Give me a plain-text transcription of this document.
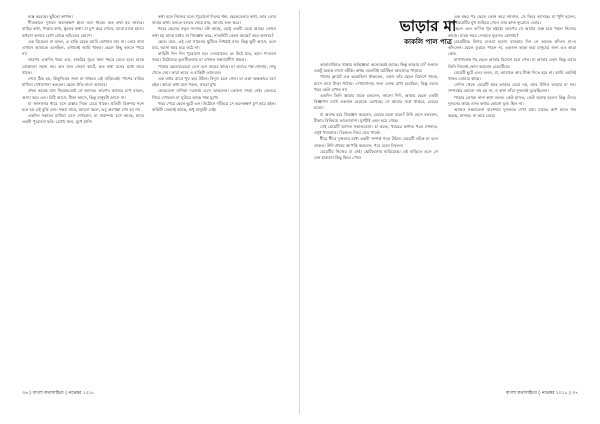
ব্যস্ত করেছে। ছুটকো কাগজ।

শীতকালে দুজনে অনেকক্ষণ ছাদে বসে থাকে। কত কথা হয় তাদের। বাড়ির কথা, পাড়ার কথা, স্কুলের কথা। মা চুপ করে শোনে, মাঝে মাঝে হাসে। কখনো আবার চোখ মোছে আঁচলের কোণে।

এক বিকেলে মা বলল, এ বাড়ি ছেড়ে আমি কোথাও যাব না। তোর বাবা এখানে আমাকে এনেছিল, এখানেই আমি থাকব। ছেলে কিছু বলতে পারে না।

তারপর একদিন খবর এল, চাকরির সূত্রে অন্য শহরে যেতে হবে। মাকে বোঝানো সহজ নয়। কত রাত জেগে কাটে, কত কথা মনের মধ্যে জমে থাকে।

শেষে ঠিক হয়, কিছুদিনের জন্য মা থাকবে এই বাড়িতেই। পাশের বাড়ির মাসিমা দেখাশোনা করবেন। ছেলে প্রতি মাসে আসবে।

প্রথম কয়েক মাস নিয়মমতোই সে আসত। তারপর কাজের চাপ বাড়ল, আসা কমে এল। চিঠি আসে, টাকা আসে, কিন্তু মানুষটা আসে না।

মা জানালার ধারে বসে রাস্তার দিকে চেয়ে থাকে। প্রতিটা রিকশার শব্দে মনে হয় এই বুঝি এল। সন্ধ্যা নামে, আলো জ্বলে, তবু অপেক্ষা শেষ হয় না।

একদিন সকালে মাসিমা এসে দেখলেন, মা বারান্দায় বসে আছে, হাতে একটা পুরোনো ছবি। চোখে জল, মুখে হাসি।

কথা বলে নিজের মনে। পুরোনো দিনের গল্প, ছেলেবেলার কথা, আর তোর বাবার কথা। বলতে বলতে থেমে যায়, আবার শুরু করে।

শহরে ছেলের নতুন সংসার। বউ আছে, ছোট্ট একটা মেয়ে আছে। ফোনে কথা হয় মাঝে মধ্যে। মা জিজ্ঞেস করে, নাতনিটা কেমন আছে? কবে আসবে?

ছেলে বলে, এই তো সামনের ছুটিতে নিশ্চয়ই যাব। কিন্তু ছুটি আসে, চলে যায়, আসা আর হয়ে ওঠে না।

বাড়িটা দিন দিন পুরোনো হয়। দেওয়ালের রং উঠে যায়, ছাদে শ্যাওলা জমে। উঠোনের তুলসীতলায় মা এখনও সন্ধ্যাপ্রদীপ জ্বালে।

পাড়ার ছেলেমেয়েরা এসে বসে মায়ের কাছে। মা তাদের গল্প শোনায়, নাড়ু খেতে দেয়। তারা ভাবে এ বাড়িটা তাদেরও।

এক বর্ষার রাতে খুব ঝড় উঠল। বিদ্যুৎ চলে গেল। মা একা অন্ধকারে বসে রইল। কারো কথা মনে পড়ল, কারো মুখ।

ভোরবেলা মাসিমা দরজায় এসে ডাকলেন। কোনো সাড়া নেই। ভেতরে গিয়ে দেখলেন মা ঘুমিয়ে আছে শান্ত মুখে।

খবর পেয়ে ছেলে ছুটে এল। উঠোনে দাঁড়িয়ে সে অনেকক্ষণ চুপ করে রইল। বাড়িটা তেমনই আছে, শুধু মানুষটা নেই।

৩৬ ◊ বাংলা কথাসাহিত্য ◊ নভেম্বর ২০১৮
ভাড়ার মা
কাকলি পাল পাত্র

ভাড়াবাড়িতে থাকার অভিজ্ঞতা অনেকেরই আছে। কিন্তু ভাড়ার মা? শুনলে একটু অবাক লাগে বটকি। অথচ এমনটাই ঘটেছিল আমাদের পাড়ায়।

পাশের ফ্ল্যাটে এক ভদ্রমহিলা থাকতেন, একা। তাঁর ছেলে বিদেশে থাকে, মাসে মাসে টাকা পাঠায়। দেখাশোনার জন্য লোক রাখা হয়েছিল, কিন্তু মনের খবর কেউ রাখত না।

একদিন তিনি আমার মাকে বললেন, জানো দিদি, আমার ছেলে একটা বিজ্ঞাপন দেখে একজন মেয়েকে রেখেছে। সে আমার সঙ্গে থাকবে, মেয়ের মতো।

মা অবাক হয়ে জিজ্ঞেস করলেন, মেয়ের মতো মানে? উনি হেসে বললেন, টাকার বিনিময়ে ভালোবাসা। যুগটাই এমন হয়ে গেছে।

সেই মেয়েটি আসত সকালবেলা। চা করত, খবরের কাগজ পড়ে শোনাত, ওষুধ খাওয়াত। বিকেলে নিয়ে যেত পার্কে।

ধীরে ধীরে দুজনের মধ্যে একটা সম্পর্ক গড়ে উঠল। মেয়েটি তাঁকে মা বলে ডাকত। উনি প্রথমে আপত্তি করলেন, পরে মেনে নিলেন।

মেয়েটির নিজের মা নেই। ছোটবেলায় হারিয়েছে। এই বাড়িতে এসে সে যেন হারানো কিছু ফিরে পেল।

এক বছর পর ছেলে ফোন করে জানাল, সে ফিরে আসছে। মা খুশি হলেন, কিন্তু মেয়েটির মুখ শুকিয়ে গেল। তার কাজ ফুরোবে এবার।

ছেলে এল। ক'দিন খুব হইচই। তারপর সে আবার ব্যস্ত হয়ে পড়ল নিজের কাজে। মাকে সময় দেওয়ার ফুরসত কোথায়?

মেয়েটিকে বিদায় দেওয়া হলো। যাওয়ার দিন সে অনেক কাঁদল। মা-ও কাঁদলেন। ছেলে বুঝতে পারল না, একজন ভাড়া করা মানুষের জন্য এত কান্না কেন।

মাসখানেক পর ছেলে আবার বিদেশে চলে গেল। মা আবার একা। কিন্তু এবার তিনি নিজেই ফোন করলেন মেয়েটিকে।

মেয়েটি ছুটে এল। বলল, মা, আমাকে আর টাকা দিতে হবে না। আমি এমনিই থাকব তোমার কাছে।

সেদিন থেকে মেয়েটি আর ভাড়ার মেয়ে নয়, আর উনিও ভাড়ার মা নন। সম্পর্কের কোনো দাম হয় না, এ কথা তাঁরা দুজনেই বুঝেছিলেন।

পাড়ার লোকে নানা কথা বলত। কেউ হাসত, কেউ অবাক হতো। কিন্তু ওঁদের দুজনের কাছে ওসব কথার কোনো মূল্য ছিল না।

আজও সন্ধ্যাবেলা বারান্দায় দুজনকে দেখা যায়। চায়ের কাপ হাতে গল্প করছে, হাসছে। মা আর মেয়ে।

বাংলা কথাসাহিত্য ◊ নভেম্বর ২০১৮ ◊ ৩৭
